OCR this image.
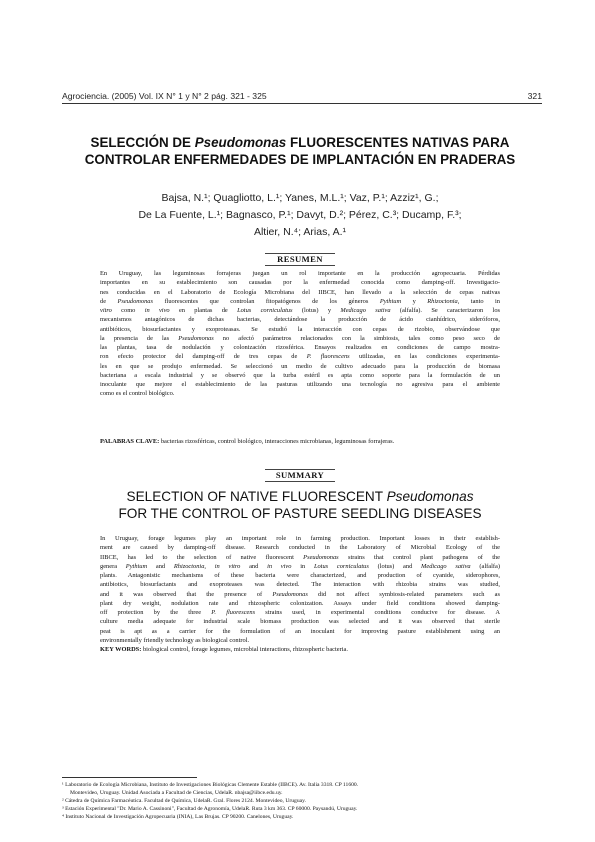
Agrociencia. (2005) Vol. IX N° 1 y N° 2 pág. 321 - 325	321
SELECCIÓN DE Pseudomonas FLUORESCENTES NATIVAS PARA
CONTROLAR ENFERMEDADES DE IMPLANTACIÓN EN PRADERAS
Bajsa, N.¹; Quagliotto, L.¹; Yanes, M.L.¹; Vaz, P.¹; Azziz¹, G.;
De La Fuente, L.¹; Bagnasco, P.¹; Davyt, D.²; Pérez, C.³; Ducamp, F.³;
Altier, N.⁴; Arias, A.¹
RESUMEN
En Uruguay, las leguminosas forrajeras juegan un rol importante en la producción agropecuaria. Pérdidas
importantes en su establecimiento son causadas por la enfermedad conocida como damping-off. Investigacio-
nes conducidas en el Laboratorio de Ecología Microbiana del IIBCE, han llevado a la selección de cepas nativas
de Pseudomonas fluorescentes que controlan fitopatógenos de los géneros Pythium y Rhizoctonia, tanto in
vitro como in vivo en plantas de Lotus corniculatus (lotus) y Medicago sativa (alfalfa). Se caracterizaron los
mecanismos antagónicos de dichas bacterias, detectándose la producción de ácido cianhídrico, sideróforos,
antibióticos, biosurfactantes y exoproteasas. Se estudió la interacción con cepas de rizobio, observándose que
la presencia de las Pseudomonas no afectó parámetros relacionados con la simbiosis, tales como peso seco de
las plantas, tasa de nodulación y colonización rizosférica. Ensayos realizados en condiciones de campo mostra-
ron efecto protector del damping-off de tres cepas de P. fluorescens utilizadas, en las condiciones experimenta-
les en que se produjo enfermedad. Se seleccionó un medio de cultivo adecuado para la producción de biomasa
bacteriana a escala industrial y se observó que la turba estéril es apta como soporte para la formulación de un
inoculante que mejore el establecimiento de las pasturas utilizando una tecnología no agresiva para el ambiente
como es el control biológico.
PALABRAS CLAVE: bacterias rizosféricas, control biológico, interacciones microbianas, leguminosas forrajeras.
SUMMARY
SELECTION OF NATIVE FLUORESCENT Pseudomonas
FOR THE CONTROL OF PASTURE SEEDLING DISEASES
In Uruguay, forage legumes play an important role in farming production. Important losses in their establish-
ment are caused by damping-off disease. Research conducted in the Laboratory of Microbial Ecology of the
IIBCE, has led to the selection of native fluorescent Pseudomonas strains that control plant pathogens of the
genera Pythium and Rhizoctonia, in vitro and in vivo in Lotus corniculatus (lotus) and Medicago sativa (alfalfa)
plants. Antagonistic mechanisms of these bacteria were characterized, and production of cyanide, siderophores,
antibiotics, biosurfactants and exoproteases was detected. The interaction with rhizobia strains was studied,
and it was observed that the presence of Pseudomonas did not affect symbiosis-related parameters such as
plant dry weight, nodulation rate and rhizospheric colonization. Assays under field conditions showed damping-
off protection by the three P. fluorescens strains used, in experimental conditions conducive for disease. A
culture media adequate for industrial scale biomass production was selected and it was observed that sterile
peat is apt as a carrier for the formulation of an inoculant for improving pasture establishment using an
environmentally friendly technology as biological control.
KEY WORDS: biological control, forage legumes, microbial interactions, rhizospheric bacteria.
¹ Laboratorio de Ecología Microbiana, Instituto de Investigaciones Biológicas Clemente Estable (IIBCE). Av. Italia 3318. CP 11600.
Montevideo, Uruguay. Unidad Asociada a Facultad de Ciencias, UdelaR. nbajsa@iibce.edu.uy.
² Cátedra de Química Farmacéutica. Facultad de Química, UdelaR. Gral. Flores 2124. Montevideo, Uruguay.
³ Estación Experimental "Dr. Mario A. Cassinoni", Facultad de Agronomía, UdelaR. Ruta 3 km 363. CP 60000. Paysandú, Uruguay.
⁴ Instituto Nacional de Investigación Agropecuaria (INIA), Las Brujas. CP 90200. Canelones, Uruguay.
